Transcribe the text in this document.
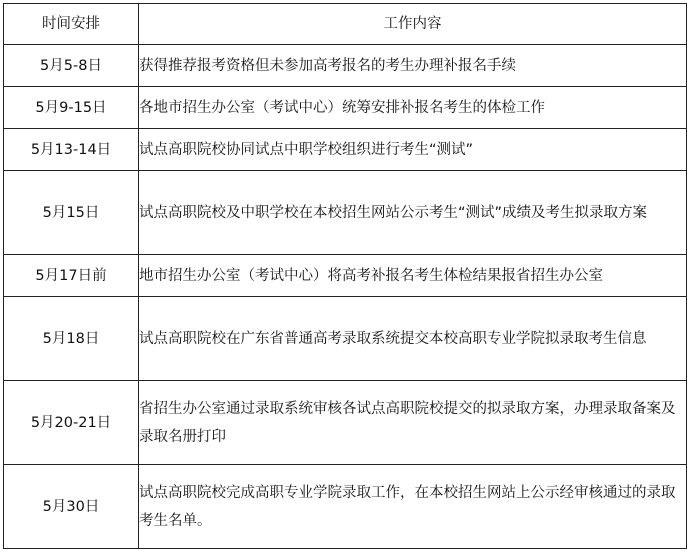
时间安排	工作内容
5月5-8日	获得推荐报考资格但未参加高考报名的考生办理补报名手续
5月9-15日	各地市招生办公室（考试中心）统筹安排补报名考生的体检工作
5月13-14日	试点高职院校协同试点中职学校组织进行考生“测试”
5月15日	试点高职院校及中职学校在本校招生网站公示考生“测试”成绩及考生拟录取方案
5月17日前	地市招生办公室（考试中心）将高考补报名考生体检结果报省招生办公室
5月18日	试点高职院校在广东省普通高考录取系统提交本校高职专业学院拟录取考生信息
5月20-21日	省招生办公室通过录取系统审核各试点高职院校提交的拟录取方案，办理录取备案及录取名册打印
5月30日	试点高职院校完成高职专业学院录取工作，在本校招生网站上公示经审核通过的录取考生名单。
